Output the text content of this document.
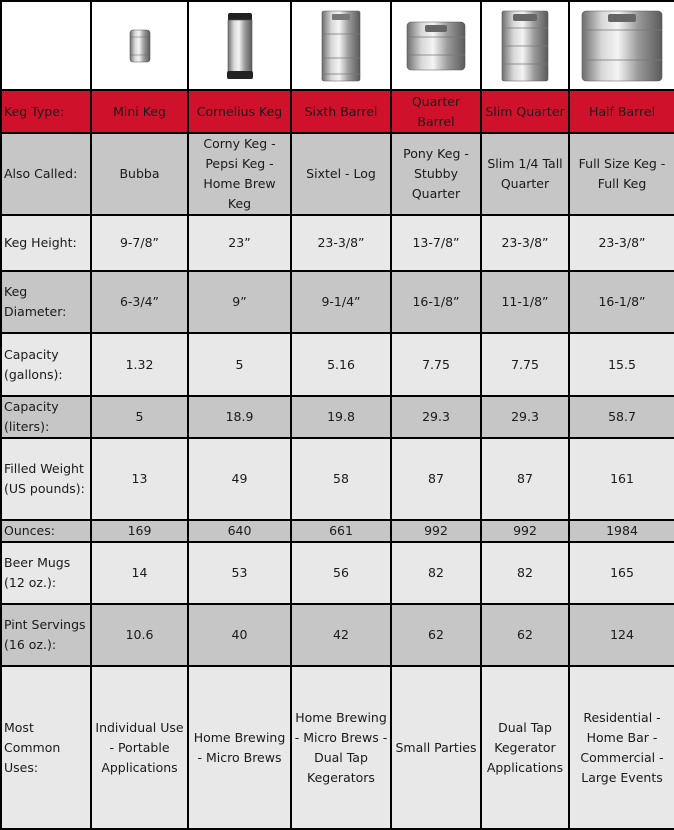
Keg Type:	Mini Keg	Cornelius Keg	Sixth Barrel	Quarter Barrel	Slim Quarter	Half Barrel
Also Called:	Bubba	Corny Keg - Pepsi Keg - Home Brew Keg	Sixtel - Log	Pony Keg - Stubby Quarter	Slim 1/4 Tall Quarter	Full Size Keg - Full Keg
Keg Height:	9-7/8”	23”	23-3/8”	13-7/8”	23-3/8”	23-3/8”
Keg Diameter:	6-3/4”	9”	9-1/4”	16-1/8”	11-1/8”	16-1/8”
Capacity (gallons):	1.32	5	5.16	7.75	7.75	15.5
Capacity (liters):	5	18.9	19.8	29.3	29.3	58.7
Filled Weight (US pounds):	13	49	58	87	87	161
Ounces:	169	640	661	992	992	1984
Beer Mugs (12 oz.):	14	53	56	82	82	165
Pint Servings (16 oz.):	10.6	40	42	62	62	124
Most Common Uses:	Individual Use - Portable Applications	Home Brewing - Micro Brews	Home Brewing - Micro Brews - Dual Tap Kegerators	Small Parties	Dual Tap Kegerator Applications	Residential - Home Bar - Commercial - Large Events
